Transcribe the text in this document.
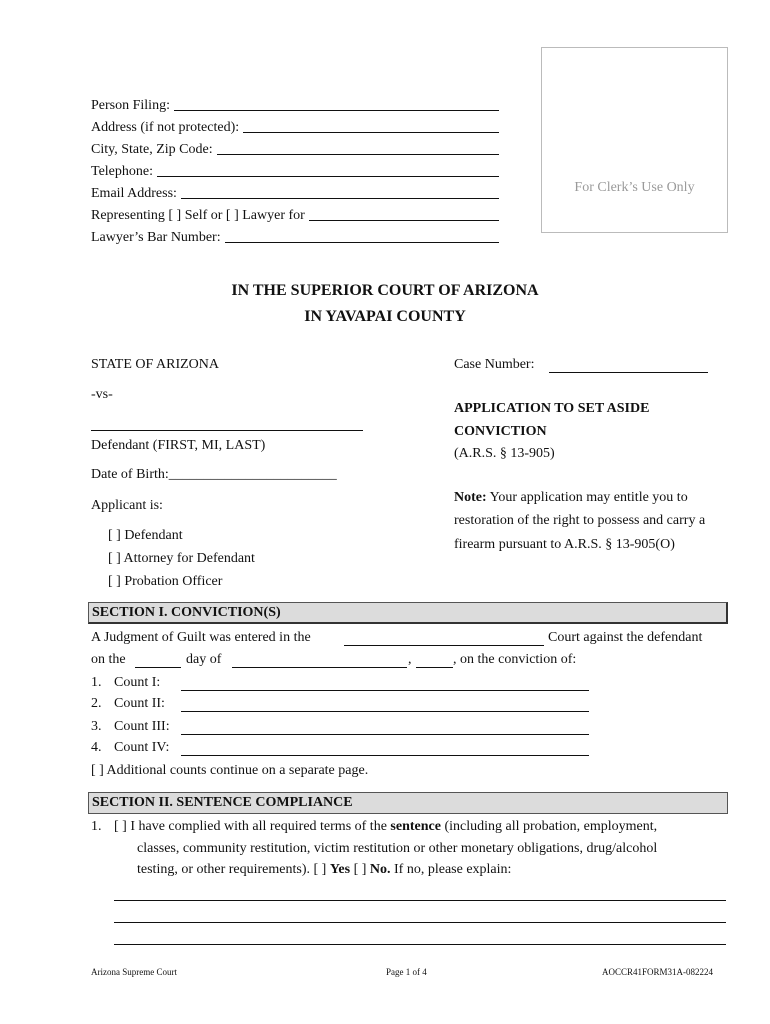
Person Filing:
Address (if not protected):
City, State, Zip Code:
Telephone:
Email Address:
Representing [ ] Self or [ ] Lawyer for
Lawyer’s Bar Number:
For Clerk’s Use Only
IN THE SUPERIOR COURT OF ARIZONA
IN YAVAPAI COUNTY
STATE OF ARIZONA
-vs-
Defendant (FIRST, MI, LAST)
Date of Birth:________________________
Applicant is:
[ ] Defendant
[ ] Attorney for Defendant
[ ] Probation Officer
Case Number:
APPLICATION TO SET ASIDE
CONVICTION
(A.R.S. § 13-905)
Note: Your application may entitle you to
restoration of the right to possess and carry a
firearm pursuant to A.R.S. § 13-905(O)
SECTION I. CONVICTION(S)
A Judgment of Guilt was entered in the	Court against the defendant
on the	day of	,	, on the conviction of:
1. Count I:
2. Count II:
3. Count III:
4. Count IV:
[ ] Additional counts continue on a separate page.
SECTION II. SENTENCE COMPLIANCE
1. [ ] I have complied with all required terms of the sentence (including all probation, employment,
classes, community restitution, victim restitution or other monetary obligations, drug/alcohol
testing, or other requirements). [ ] Yes [ ] No. If no, please explain:
Arizona Supreme Court	Page 1 of 4	AOCCR41FORM31A-082224
